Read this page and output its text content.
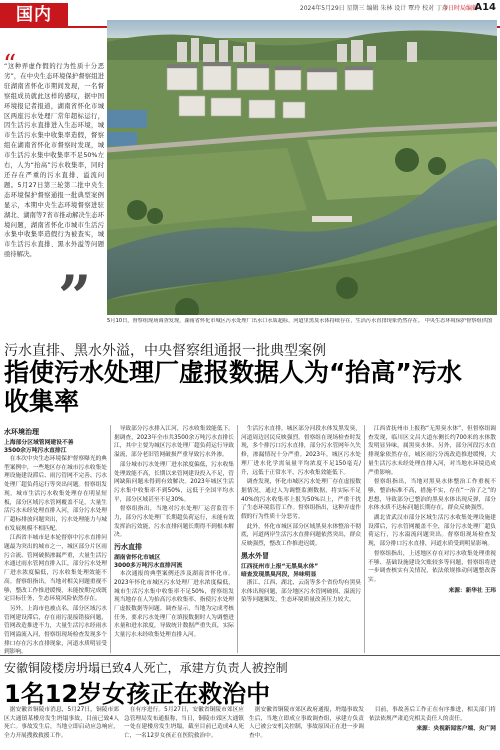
国内	2024年5月29日 星期三 编辑 朱林 设计 覃玲 校对 丁彦
今日时局编辑
A14
“
“这种弄虚作假的行为性质十分恶劣”，在中央生态环境保护督察组进驻湖南省怀化市期间发现，一名督察组成员就此这样的感叹，据中国环境报记者报道，湖南省怀化市城区两座污水处理厂常年超标运行，因生活污水直排进入生态环境，城市生活污水集中收集率造假，督察组在湖南省怀化市督察时发现，城市生活污水集中收集率不足50%左右，人为“抬高”污水收集率，同时还存在严重的污水直排、溢流问题。5月27日第三轮第二批中央生态环境保护督察通报一批典型案例显示，本期中央生态环境督察进驻湖北、湖南等7省市推动解决生态环境问题，湖南省怀化市城市生活污水集中收集率造假行为被查实，城市生活污水直排、黑水外溢等问题亟待解决。
”	5月10日，督察组现场调查发现，湖南省怀化市城区污水处理厂出水口水质超标，河道里黑臭水体持续存在，生活污水直排现象仍然存在。 中央生态环境保护督察组供图
污水直排、黑水外溢，中央督察组通报一批典型案例
指使污水处理厂虚报数据人为“抬高”污水收集率
水环境治理
上海部分区域管网建设不善
3500余万吨污水直排江

在本次中央生态环境保护督察曝光的典型案例中，一些地区存在城市污水收集处理设施建设滞后、雨污管网不完善、污水处理厂超负荷运行等突出问题。督察组发现，城市生活污水收集处理存在明显短板，部分区域污水管网覆盖不足，大量生活污水未经处理直排入河，部分污水处理厂超标排放问题突出，污水处理能力与城市发展规模不相匹配。

江西省丰城市是本轮督察中污水直排问题最为突出的城市之一，城区部分片区雨污合流、管网破损渗漏严重，大量生活污水通过雨水管网直排入江，部分污水处理厂进水浓度偏低，污水收集处理效能不高。督察组指出，当地对相关问题重视不够，整改工作推进缓慢，未能按期完成既定目标任务，生态环境风险依然存在。

另外，上海市也被点名，部分区域污水管网建设滞后，存在雨污混接错接问题，管网改造推进不力，大量生活污水经雨水管网溢流入河，督察组现场检查发现多个排口存在污水直排现象，河道水质明显受到影响。

导致部分污水排入江河，污水收集效能低下。据调查，2023年全市共3500余万吨污水直排长江，其中主要为城区污水处理厂超负荷运行导致溢流，部分老旧管网破损严重导致污水外渗。

部分城市污水处理厂进水浓度偏低，污水收集处理效能不高，长期以来管网建设投入不足，管网缺陷问题未得到有效解决。2023年城区生活污水集中收集率不到50%，远低于全国平均水平，部分区域甚至不足30%。

督察组指出，当地对污水处理厂运营监管不力，部分污水处理厂长期超负荷运行，未能有效发挥治污效能，污水直排问题长期得不到根本解决。

污水直排
湖南省怀化市城区
3000多万吨污水直排河流

本次通报的典型案例还涉及湖南省怀化市。2023年怀化市城区污水处理厂进水浓度偏低，城市生活污水集中收集率不足50%，督察组发现当地存在人为抬高污水收集率、指使污水处理厂虚报数据等问题。调查显示，当地为完成考核任务，要求污水处理厂在填报数据时人为调整进水量和进水浓度，导致统计数据严重失真，实际大量污水未经收集处理直排入河。

生活污水直排，城区部分河段水体发黑发臭，河道周边居民反映强烈。督察组在现场检查时发现，多个排污口污水直排，部分污水管网年久失修，渗漏情况十分严重。2023年，城区污水处理厂进水化学需氧量平均浓度不足150毫克/升，远低于正常水平，污水收集效能低下。

调查发现，怀化市城区污水处理厂存在虚报数据情况，通过人为调整监测数据，将实际不足40%的污水收集率上报为50%以上，严重干扰了生态环境监管工作。督察组指出，这种弄虚作假的行为性质十分恶劣。

此外，怀化市城区部分区域黑臭水体整治不彻底，河道两岸生活污水直排问题依然突出，群众反映强烈，整改工作推进迟缓。

黑水外冒
江西抚州市上报“无黑臭水体”
暗查发现黑臭河段，异味明显

浙江、江西、湖北、云南等多个省份均有黑臭水体出现问题，部分地区污水管网破损、溢流污染等问题频发，生态环境质量改善压力较大。

江西省抚州市上报称“无黑臭水体”，但督察组调查发现，临川区文昌大道东侧长约700米的水体散发明显异味，属黑臭水体。另外，部分河段污水直排现象依然存在，城区雨污分流改造推进缓慢，大量生活污水未经处理直排入河，对当地水环境造成严重影响。

督察组指出，当地对黑臭水体整治工作重视不够，整治标准不高，措施不实，存在“一治了之”的思想，导致部分已整治的黑臭水体出现反弹，部分水体水质不达标问题长期存在，群众反映强烈。

湖北省武汉市部分区域生活污水收集处理设施建设滞后，污水管网覆盖不全，部分污水处理厂超负荷运行，污水溢流问题突出。督察组现场检查发现，部分排口污水直排，河道水质受到明显影响。

督察组指出，上述地区存在对污水收集处理重视不够、基础设施建设欠账较多等问题，督察组将进一步调查核实有关情况，依法依规推动问题整改落实。

来源：新华社 王玮
安徽铜陵楼房坍塌已致4人死亡，承建方负责人被控制
1名12岁女孩正在救治中

据安徽省铜陵市消息，5月27日，铜陵市郊区大通镇某楼房发生坍塌事故，目前已致4人死亡。事故发生后，当地立即启动应急响应，全力开展搜救救援工作。

在有序进行。5月27日，安徽省铜陵市郊区应急管理局发布通报称，当日，铜陵市郊区大通镇一处在建楼房发生坍塌，截至目前已造成4人死亡，一名12岁女孩正在医院救治中。

据安徽省铜陵市郊区政府通报，坍塌事故发生后，当地立即成立事故调查组，承建方负责人已被公安机关控制，事故原因正在进一步调查中。

目前，事故善后工作正在有序推进，相关部门将依法依规严肃追究相关责任人的责任。

来源：央视新闻客户端、央广网
